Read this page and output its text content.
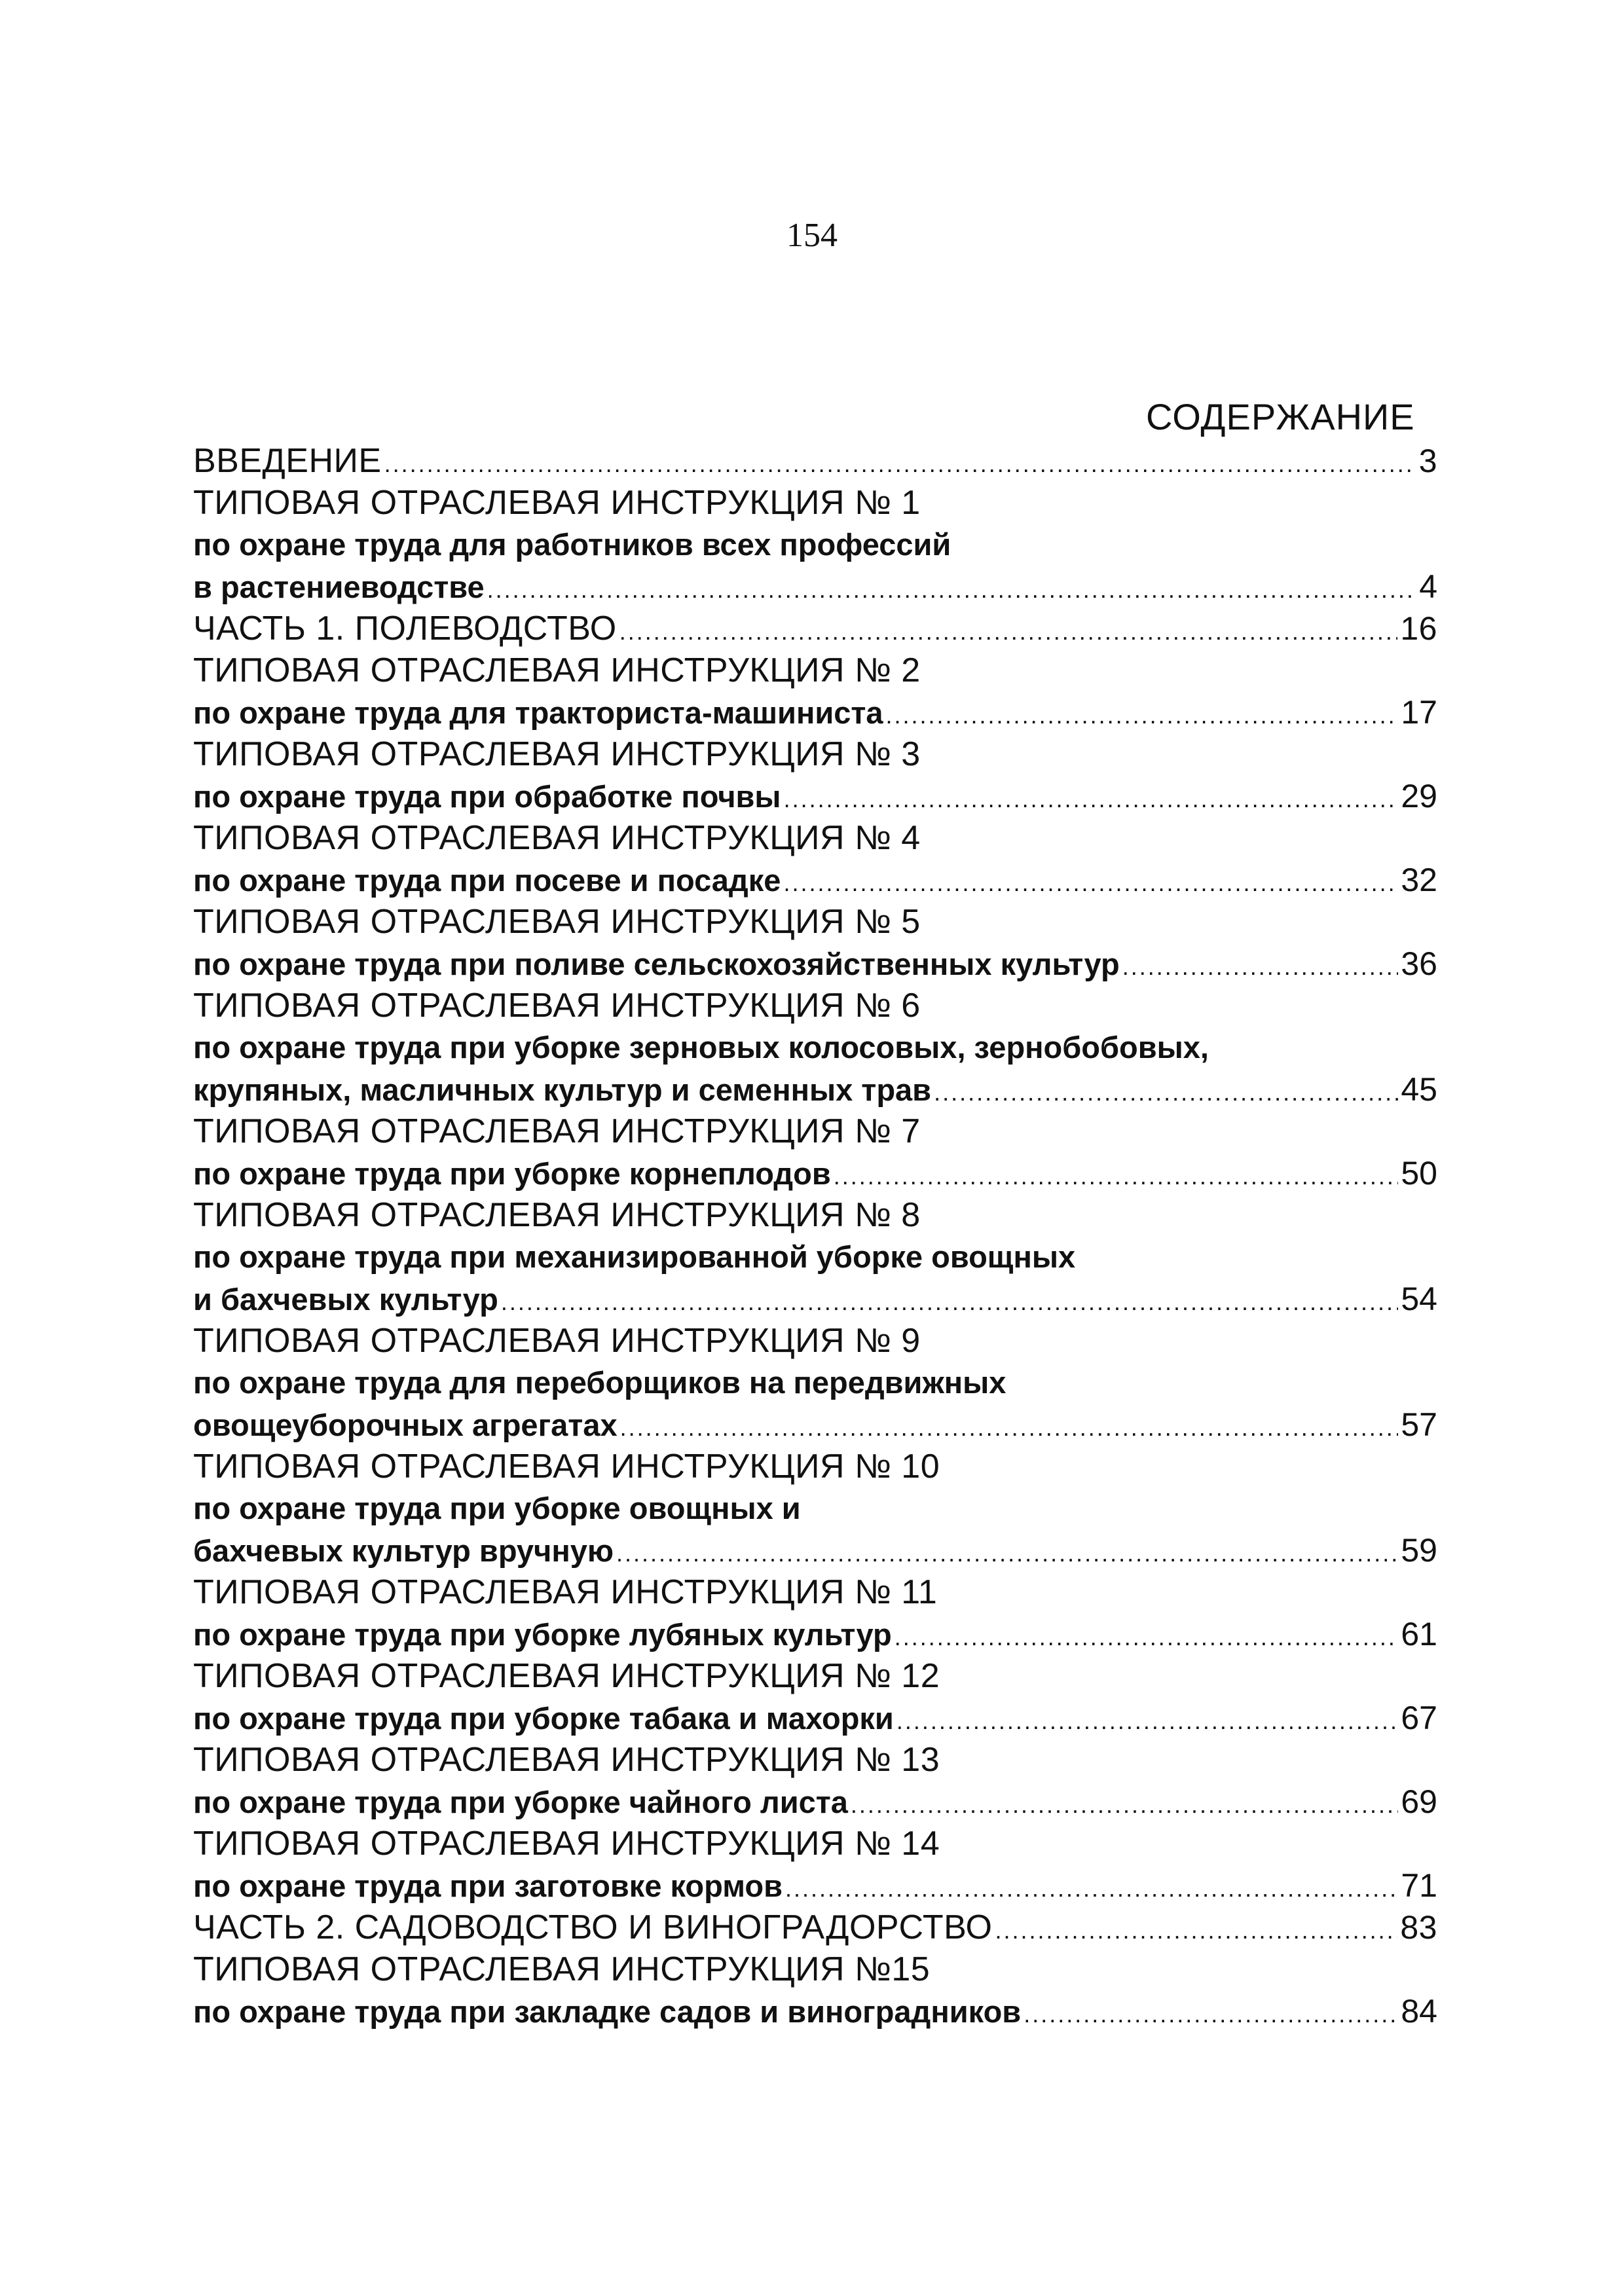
154
СОДЕРЖАНИЕ
ВВЕДЕНИЕ .....	3
ТИПОВАЯ ОТРАСЛЕВАЯ ИНСТРУКЦИЯ № 1
по охране труда для работников всех профессий
в растениеводстве .....	4
ЧАСТЬ 1. ПОЛЕВОДСТВО .....	16
ТИПОВАЯ ОТРАСЛЕВАЯ ИНСТРУКЦИЯ № 2
по охране труда для тракториста-машиниста .....	17
ТИПОВАЯ ОТРАСЛЕВАЯ ИНСТРУКЦИЯ № 3
по охране труда при обработке почвы .....	29
ТИПОВАЯ ОТРАСЛЕВАЯ ИНСТРУКЦИЯ № 4
по охране труда при посеве и посадке .....	32
ТИПОВАЯ ОТРАСЛЕВАЯ ИНСТРУКЦИЯ № 5
по охране труда при поливе сельскохозяйственных культур .....	36
ТИПОВАЯ ОТРАСЛЕВАЯ ИНСТРУКЦИЯ № 6
по охране труда при уборке зерновых колосовых, зернобобовых,
крупяных, масличных культур и семенных трав .....	45
ТИПОВАЯ ОТРАСЛЕВАЯ ИНСТРУКЦИЯ № 7
по охране труда при уборке корнеплодов .....	50
ТИПОВАЯ ОТРАСЛЕВАЯ ИНСТРУКЦИЯ № 8
по охране труда при механизированной уборке овощных
и бахчевых культур .....	54
ТИПОВАЯ ОТРАСЛЕВАЯ ИНСТРУКЦИЯ № 9
по охране труда для переборщиков на передвижных
овощеуборочных агрегатах .....	57
ТИПОВАЯ ОТРАСЛЕВАЯ ИНСТРУКЦИЯ № 10
по охране труда при уборке овощных и
бахчевых культур вручную .....	59
ТИПОВАЯ ОТРАСЛЕВАЯ ИНСТРУКЦИЯ № 11
по охране труда при уборке лубяных культур .....	61
ТИПОВАЯ ОТРАСЛЕВАЯ ИНСТРУКЦИЯ № 12
по охране труда при уборке табака и махорки .....	67
ТИПОВАЯ ОТРАСЛЕВАЯ ИНСТРУКЦИЯ № 13
по охране труда при уборке чайного листа .....	69
ТИПОВАЯ ОТРАСЛЕВАЯ ИНСТРУКЦИЯ № 14
по охране труда при заготовке кормов .....	71
ЧАСТЬ 2. САДОВОДСТВО И ВИНОГРАДОРСТВО .....	83
ТИПОВАЯ ОТРАСЛЕВАЯ ИНСТРУКЦИЯ №15
по охране труда при закладке садов и виноградников .....	84
